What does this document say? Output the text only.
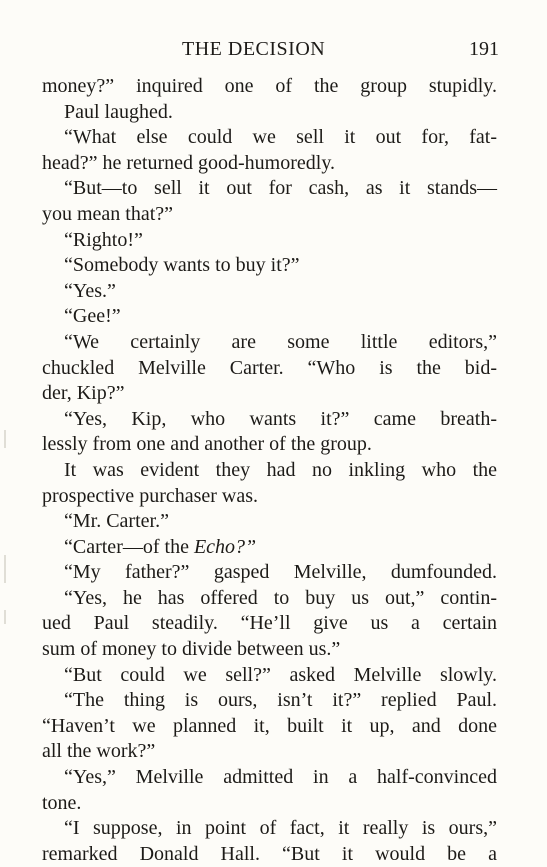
THE DECISION	191
money?” inquired one of the group stupidly.
Paul laughed.
“What else could we sell it out for, fat-
head?” he returned good-humoredly.
“But—to sell it out for cash, as it stands—
you mean that?”
“Righto!”
“Somebody wants to buy it?”
“Yes.”
“Gee!”
“We certainly are some little editors,”
chuckled Melville Carter. “Who is the bid-
der, Kip?”
“Yes, Kip, who wants it?” came breath-
lessly from one and another of the group.
It was evident they had no inkling who the
prospective purchaser was.
“Mr. Carter.”
“Carter—of the Echo?”
“My father?” gasped Melville, dumfounded.
“Yes, he has offered to buy us out,” contin-
ued Paul steadily. “He’ll give us a certain
sum of money to divide between us.”
“But could we sell?” asked Melville slowly.
“The thing is ours, isn’t it?” replied Paul.
“Haven’t we planned it, built it up, and done
all the work?”
“Yes,” Melville admitted in a half-convinced
tone.
“I suppose, in point of fact, it really is ours,”
remarked Donald Hall. “But it would be a
